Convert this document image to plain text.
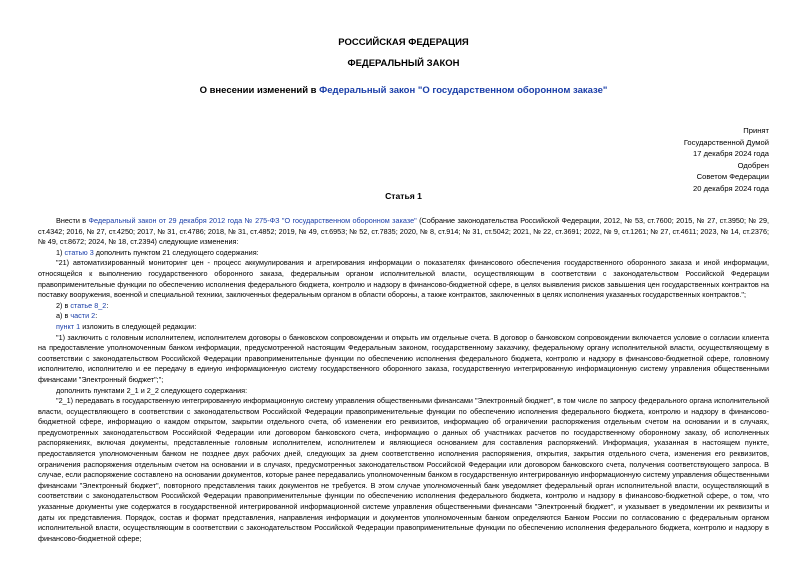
РОССИЙСКАЯ ФЕДЕРАЦИЯ
ФЕДЕРАЛЬНЫЙ ЗАКОН
О внесении изменений в Федеральный закон "О государственном оборонном заказе"
Принят
Государственной Думой
17 декабря 2024 года
Одобрен
Советом Федерации
20 декабря 2024 года
Статья 1

Внести в Федеральный закон от 29 декабря 2012 года № 275-ФЗ "О государственном оборонном заказе" (Собрание законодательства Российской Федерации, 2012, № 53, ст.7600; 2015, № 27, ст.3950; № 29, ст.4342; 2016, № 27, ст.4250; 2017, № 31, ст.4786; 2018, № 31, ст.4852; 2019, № 49, ст.6953; № 52, ст.7835; 2020, № 8, ст.914; № 31, ст.5042; 2021, № 22, ст.3691; 2022, № 9, ст.1261; № 27, ст.4611; 2023, № 14, ст.2376; № 49, ст.8672; 2024, № 18, ст.2394) следующие изменения:

1) статью 3 дополнить пунктом 21 следующего содержания:

"21) автоматизированный мониторинг цен - процесс аккумулирования и агрегирования информации о показателях финансового обеспечения государственного оборонного заказа и иной информации, относящейся к выполнению государственного оборонного заказа, федеральным органом исполнительной власти, осуществляющим в соответствии с законодательством Российской Федерации правоприменительные функции по обеспечению исполнения федерального бюджета, контролю и надзору в финансово-бюджетной сфере, в целях выявления рисков завышения цен государственных контрактов на поставку вооружения, военной и специальной техники, заключенных федеральным органом в области обороны, а также контрактов, заключенных в целях исполнения указанных государственных контрактов.";

2) в статье 8_2:

а) в части 2:

пункт 1 изложить в следующей редакции:

"1) заключить с головным исполнителем, исполнителем договоры о банковском сопровождении и открыть им отдельные счета. В договор о банковском сопровождении включается условие о согласии клиента на предоставление уполномоченным банком информации, предусмотренной настоящим Федеральным законом, государственному заказчику, федеральному органу исполнительной власти, осуществляющему в соответствии с законодательством Российской Федерации правоприменительные функции по обеспечению исполнения федерального бюджета, контролю и надзору в финансово-бюджетной сфере, головному исполнителю, исполнителю и ее передачу в единую информационную систему государственного оборонного заказа, государственную интегрированную информационную систему управления общественными финансами "Электронный бюджет";";

дополнить пунктами 2_1 и 2_2 следующего содержания:

"2_1) передавать в государственную интегрированную информационную систему управления общественными финансами "Электронный бюджет", в том числе по запросу федерального органа исполнительной власти, осуществляющего в соответствии с законодательством Российской Федерации правоприменительные функции по обеспечению исполнения федерального бюджета, контролю и надзору в финансово-бюджетной сфере, информацию о каждом открытом, закрытии отдельного счета, об изменении его реквизитов, информацию об ограничении распоряжения отдельным счетом на основании и в случаях, предусмотренных законодательством Российской Федерации или договором банковского счета, информацию о данных об участниках расчетов по государственному оборонному заказу, об исполненных распоряжениях, включая документы, представленные головным исполнителем, исполнителем и являющиеся основанием для составления распоряжений. Информация, указанная в настоящем пункте, предоставляется уполномоченным банком не позднее двух рабочих дней, следующих за днем соответственно исполнения распоряжения, открытия, закрытия отдельного счета, изменения его реквизитов, ограничения распоряжения отдельным счетом на основании и в случаях, предусмотренных законодательством Российской Федерации или договором банковского счета, получения соответствующего запроса. В случае, если распоряжение составлено на основании документов, которые ранее передавались уполномоченным банком в государственную интегрированную информационную систему управления общественными финансами "Электронный бюджет", повторного представления таких документов не требуется. В этом случае уполномоченный банк уведомляет федеральный орган исполнительной власти, осуществляющий в соответствии с законодательством Российской Федерации правоприменительные функции по обеспечению исполнения федерального бюджета, контролю и надзору в финансово-бюджетной сфере, о том, что указанные документы уже содержатся в государственной интегрированной информационной системе управления общественными финансами "Электронный бюджет", и указывает в уведомлении их реквизиты и даты их представления. Порядок, состав и формат представления, направления информации и документов уполномоченным банком определяются Банком России по согласованию с федеральным органом исполнительной власти, осуществляющим в соответствии с законодательством Российской Федерации правоприменительные функции по обеспечению исполнения федерального бюджета, контролю и надзору в финансово-бюджетной сфере;
